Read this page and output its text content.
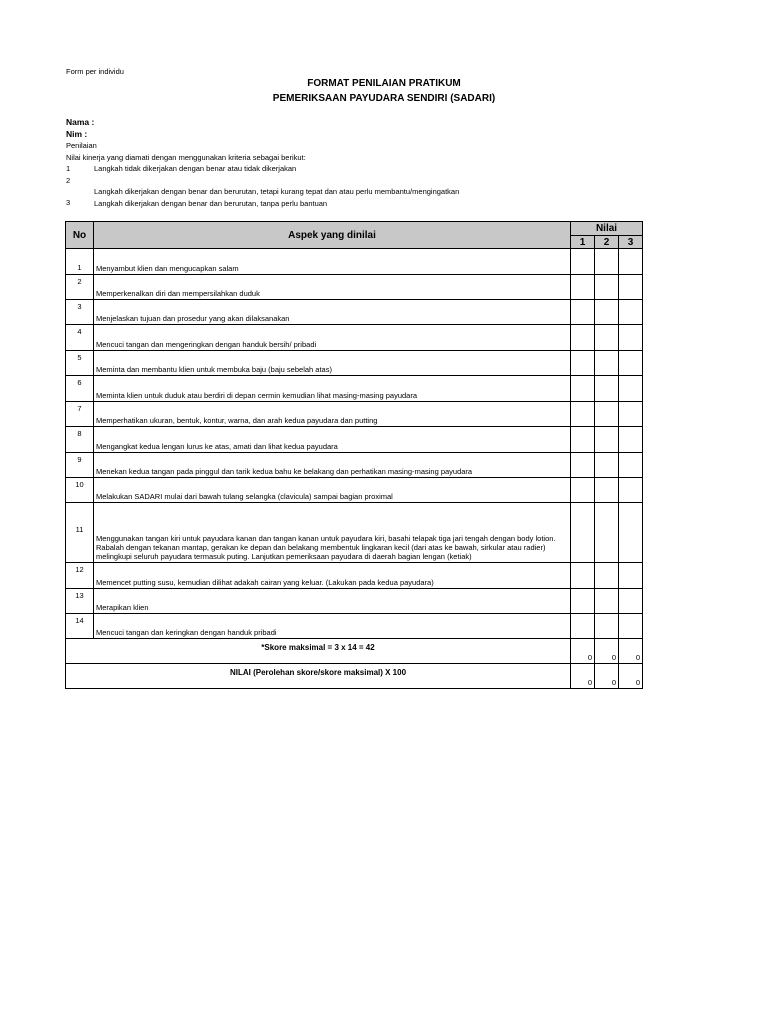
Form per individu
FORMAT PENILAIAN PRATIKUM
PEMERIKSAAN PAYUDARA SENDIRI (SADARI)
Nama :
Nim :
Penilaian
Nilai kinerja yang diamati dengan menggunakan kriteria sebagai berikut:
1	Langkah tidak dikerjakan dengan benar atau tidak dikerjakan
2
Langkah dikerjakan dengan benar dan berurutan, tetapi kurang tepat dan atau perlu membantu/mengingatkan
3	Langkah dikerjakan dengan benar dan berurutan, tanpa perlu bantuan
No	Aspek yang dinilai	Nilai		
		1	2	3
1	Menyambut klien dan mengucapkan salam			
2	Memperkenalkan diri dan mempersilahkan duduk			
3	Menjelaskan tujuan dan prosedur yang akan dilaksanakan			
4	Mencuci tangan dan mengeringkan dengan handuk bersih/ pribadi			
5	Meminta dan membantu klien untuk membuka baju (baju sebelah atas)			
6	Meminta klien untuk duduk atau berdiri di depan cermin kemudian lihat masing-masing payudara			
7	Memperhatikan ukuran, bentuk, kontur, warna, dan arah kedua payudara dan putting			
8	Mengangkat kedua lengan lurus ke atas, amati dan lihat kedua payudara			
9	Menekan kedua tangan pada pinggul dan tarik kedua bahu ke belakang dan perhatikan masing-masing payudara			
10	Melakukan SADARI mulai dari bawah tulang selangka (clavicula) sampai bagian proximal			
11	Menggunakan tangan kiri untuk payudara kanan dan tangan kanan untuk payudara kiri, basahi telapak tiga jari tengah dengan body lotion. Rabalah dengan tekanan mantap, gerakan ke depan dan belakang membentuk lingkaran kecil (dari atas ke bawah, sirkular atau radier) melingkupi seluruh payudara termasuk puting. Lanjutkan pemeriksaan payudara di daerah bagian lengan (ketiak)			
12	Memencet putting susu, kemudian dilihat adakah cairan yang keluar. (Lakukan pada kedua payudara)			
13	Merapikan klien			
14	Mencuci tangan dan keringkan dengan handuk pribadi			
*Skore maksimal = 3 x 14 = 42		0	0	0
NILAI (Perolehan skore/skore maksimal) X 100		0	0	0
